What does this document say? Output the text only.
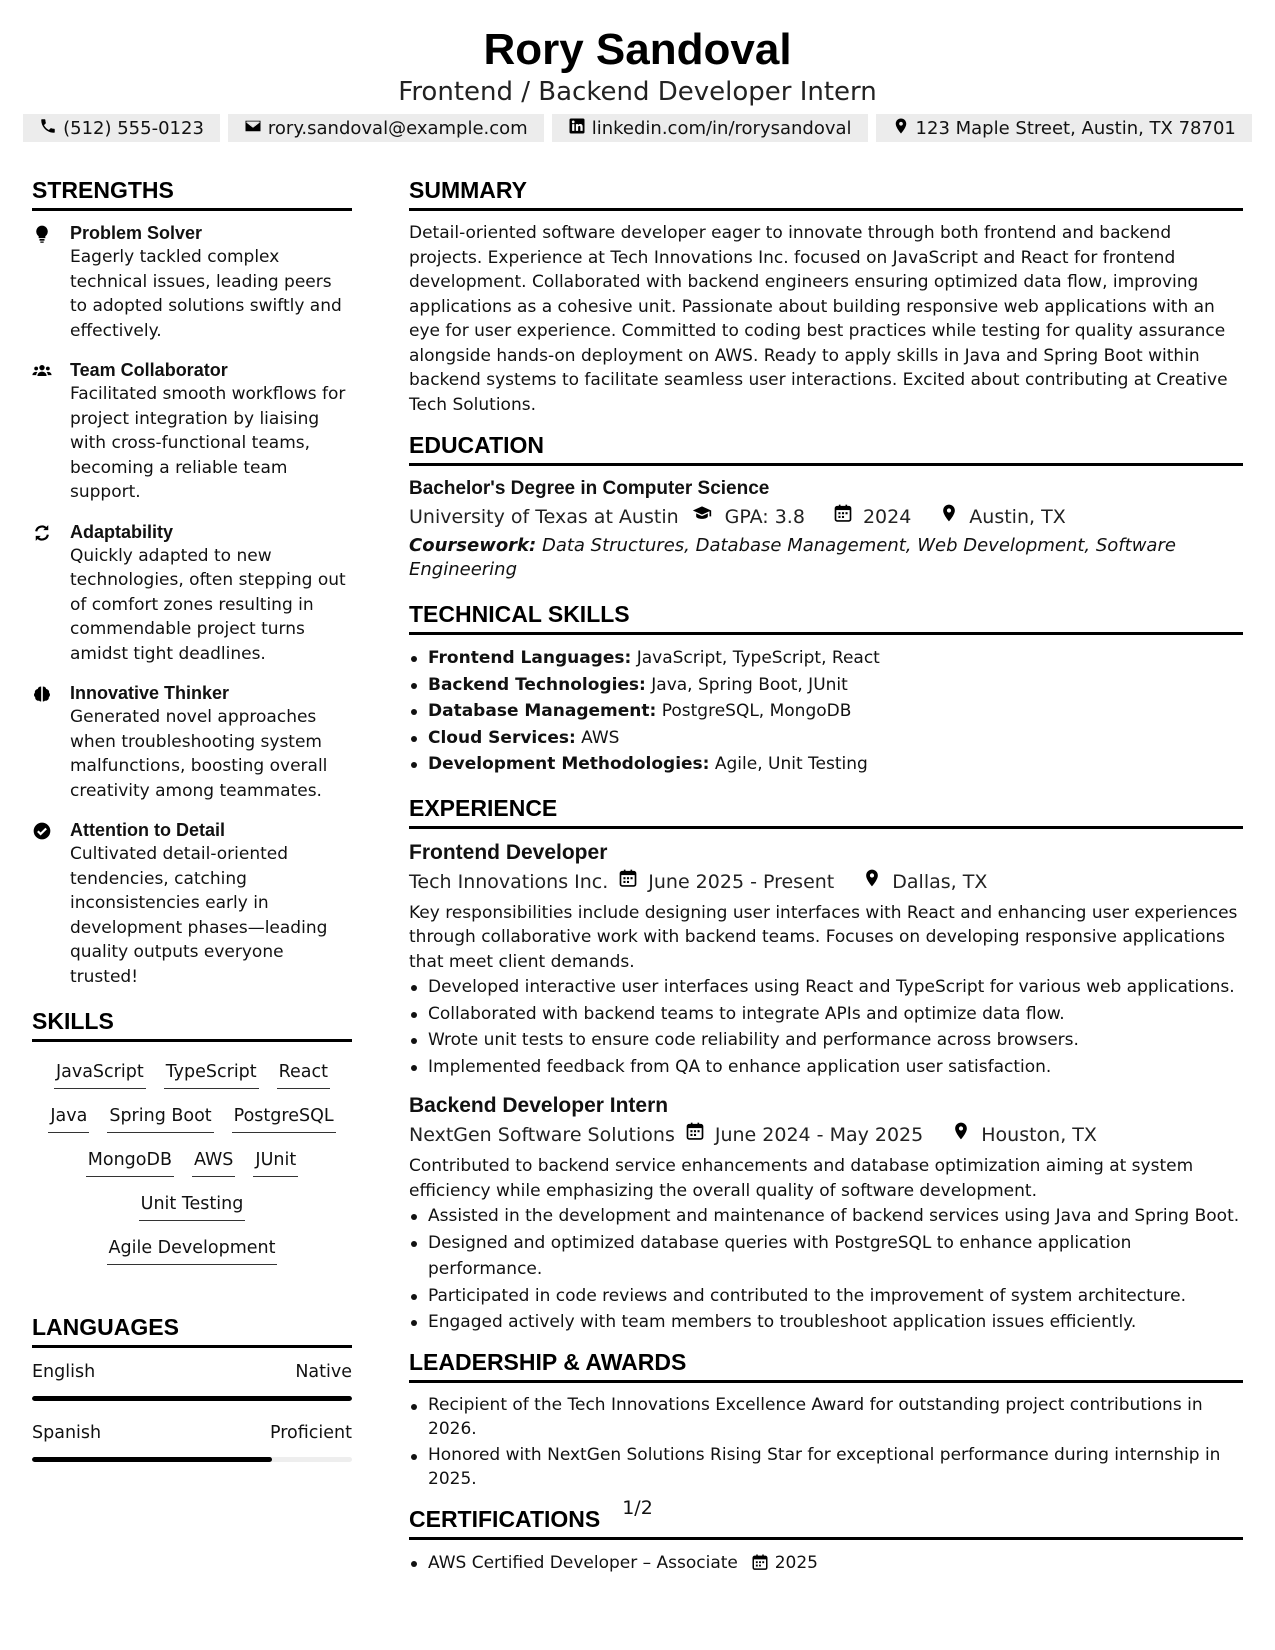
Rory Sandoval
Frontend / Backend Developer Intern
(512) 555-0123	rory.sandoval@example.com	linkedin.com/in/rorysandoval	123 Maple Street, Austin, TX 78701
STRENGTHS
Problem Solver
Eagerly tackled complex technical issues, leading peers to adopted solutions swiftly and effectively.
Team Collaborator
Facilitated smooth workflows for project integration by liaising with cross-functional teams, becoming a reliable team support.
Adaptability
Quickly adapted to new technologies, often stepping out of comfort zones resulting in commendable project turns amidst tight deadlines.
Innovative Thinker
Generated novel approaches when troubleshooting system malfunctions, boosting overall creativity among teammates.
Attention to Detail
Cultivated detail-oriented tendencies, catching inconsistencies early in development phases—leading quality outputs everyone trusted!
SKILLS
JavaScript TypeScript React
Java Spring Boot PostgreSQL
MongoDB AWS JUnit
Unit Testing
Agile Development
LANGUAGES
English	Native
Spanish	Proficient
SUMMARY
Detail-oriented software developer eager to innovate through both frontend and backend projects. Experience at Tech Innovations Inc. focused on JavaScript and React for frontend development. Collaborated with backend engineers ensuring optimized data flow, improving applications as a cohesive unit. Passionate about building responsive web applications with an eye for user experience. Committed to coding best practices while testing for quality assurance alongside hands-on deployment on AWS. Ready to apply skills in Java and Spring Boot within backend systems to facilitate seamless user interactions. Excited about contributing at Creative Tech Solutions.
EDUCATION
Bachelor's Degree in Computer Science
University of Texas at Austin GPA: 3.8	2024	Austin, TX
Coursework: Data Structures, Database Management, Web Development, Software Engineering
TECHNICAL SKILLS
Frontend Languages: JavaScript, TypeScript, React
Backend Technologies: Java, Spring Boot, JUnit
Database Management: PostgreSQL, MongoDB
Cloud Services: AWS
Development Methodologies: Agile, Unit Testing
EXPERIENCE
Frontend Developer
Tech Innovations Inc. June 2025 - Present	Dallas, TX
Key responsibilities include designing user interfaces with React and enhancing user experiences through collaborative work with backend teams. Focuses on developing responsive applications that meet client demands.
Developed interactive user interfaces using React and TypeScript for various web applications.
Collaborated with backend teams to integrate APIs and optimize data flow.
Wrote unit tests to ensure code reliability and performance across browsers.
Implemented feedback from QA to enhance application user satisfaction.
Backend Developer Intern
NextGen Software Solutions June 2024 - May 2025	Houston, TX
Contributed to backend service enhancements and database optimization aiming at system efficiency while emphasizing the overall quality of software development.
Assisted in the development and maintenance of backend services using Java and Spring Boot.
Designed and optimized database queries with PostgreSQL to enhance application performance.
Participated in code reviews and contributed to the improvement of system architecture.
Engaged actively with team members to troubleshoot application issues efficiently.
LEADERSHIP & AWARDS
Recipient of the Tech Innovations Excellence Award for outstanding project contributions in 2026.
Honored with NextGen Solutions Rising Star for exceptional performance during internship in 2025.
CERTIFICATIONS
AWS Certified Developer – Associate 2025
1/2
